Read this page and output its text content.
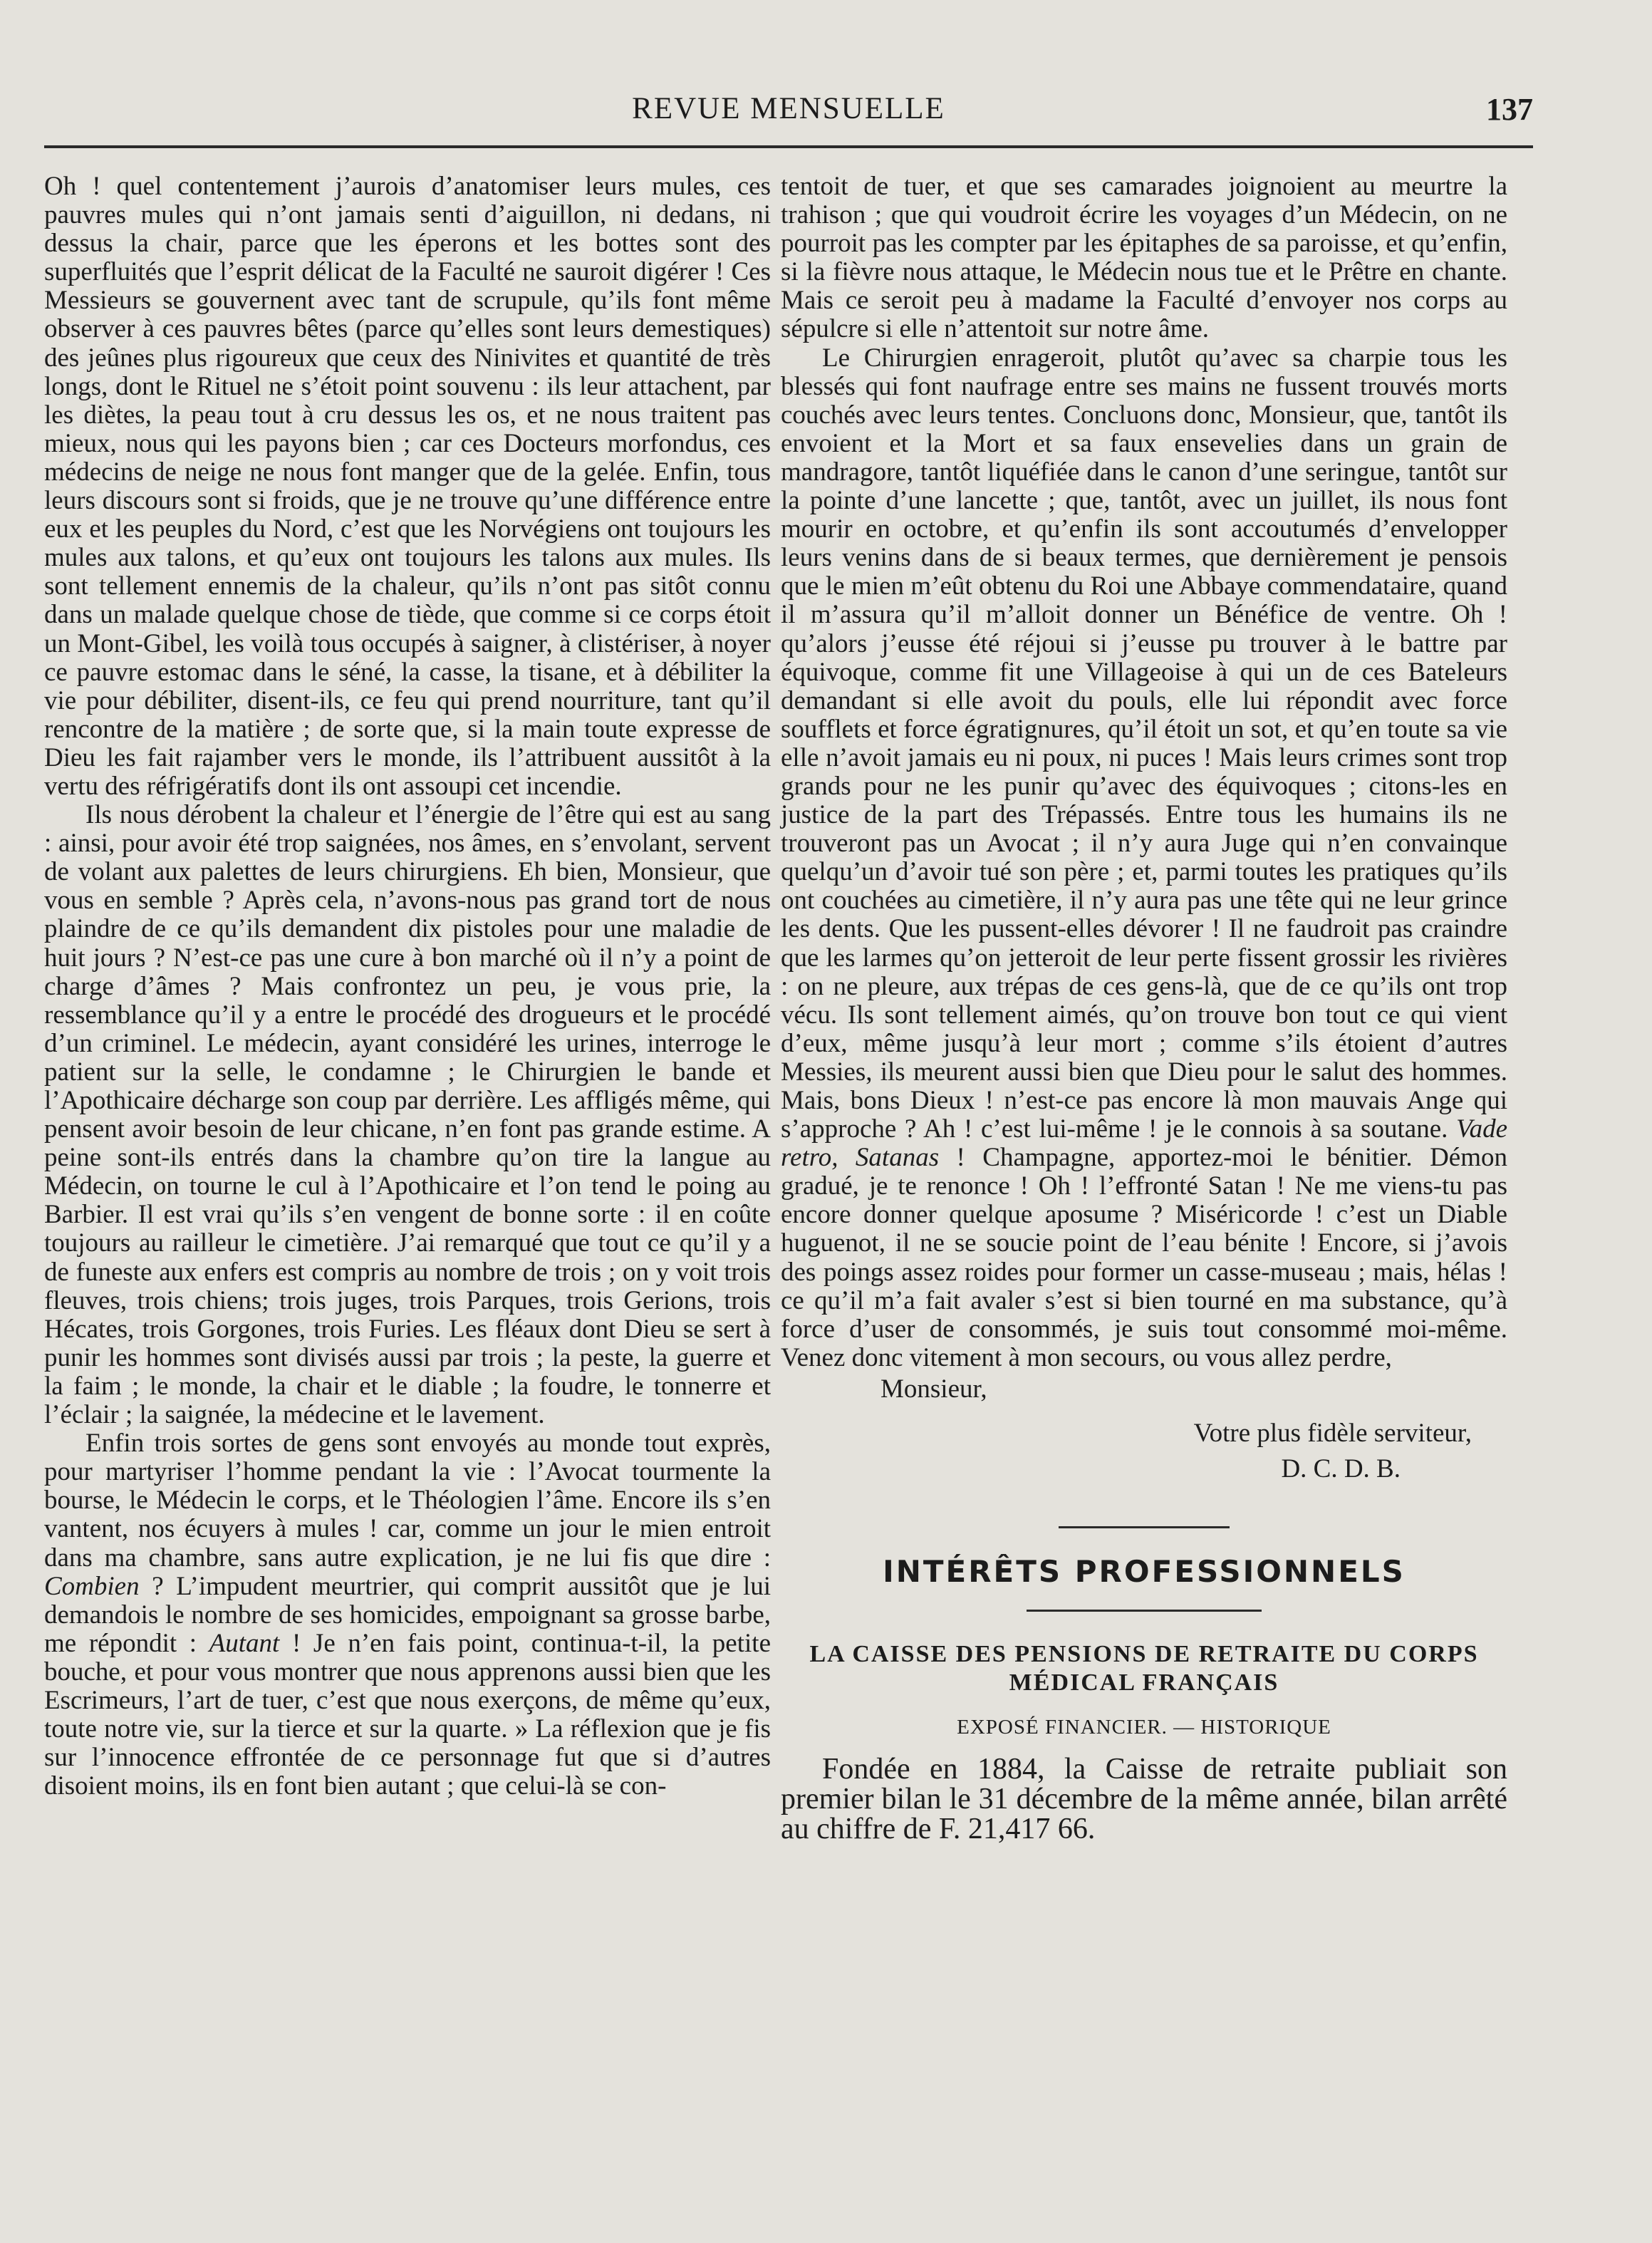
REVUE MENSUELLE	137

Oh ! quel contentement j’aurois d’anatomiser leurs mules, ces pauvres mules qui n’ont jamais senti d’aiguillon, ni dedans, ni dessus la chair, parce que les éperons et les bottes sont des superfluités que l’esprit délicat de la Faculté ne sauroit digérer ! Ces Messieurs se gouvernent avec tant de scrupule, qu’ils font même observer à ces pauvres bêtes (parce qu’elles sont leurs demestiques) des jeûnes plus rigoureux que ceux des Ninivites et quantité de très longs, dont le Rituel ne s’étoit point souvenu : ils leur attachent, par les diètes, la peau tout à cru dessus les os, et ne nous traitent pas mieux, nous qui les payons bien ; car ces Docteurs morfondus, ces médecins de neige ne nous font manger que de la gelée. Enfin, tous leurs discours sont si froids, que je ne trouve qu’une différence entre eux et les peuples du Nord, c’est que les Norvégiens ont toujours les mules aux talons, et qu’eux ont toujours les talons aux mules. Ils sont tellement ennemis de la chaleur, qu’ils n’ont pas sitôt connu dans un malade quelque chose de tiède, que comme si ce corps étoit un Mont-Gibel, les voilà tous occupés à saigner, à clistériser, à noyer ce pauvre estomac dans le séné, la casse, la tisane, et à débiliter la vie pour débiliter, disent-ils, ce feu qui prend nourriture, tant qu’il rencontre de la matière ; de sorte que, si la main toute expresse de Dieu les fait rajamber vers le monde, ils l’attribuent aussitôt à la vertu des réfrigératifs dont ils ont assoupi cet incendie.

Ils nous dérobent la chaleur et l’énergie de l’être qui est au sang : ainsi, pour avoir été trop saignées, nos âmes, en s’envolant, servent de volant aux palettes de leurs chirurgiens. Eh bien, Monsieur, que vous en semble ? Après cela, n’avons-nous pas grand tort de nous plaindre de ce qu’ils demandent dix pistoles pour une maladie de huit jours ? N’est-ce pas une cure à bon marché où il n’y a point de charge d’âmes ? Mais confrontez un peu, je vous prie, la ressemblance qu’il y a entre le procédé des drogueurs et le procédé d’un criminel. Le médecin, ayant considéré les urines, interroge le patient sur la selle, le condamne ; le Chirurgien le bande et l’Apothicaire décharge son coup par derrière. Les affligés même, qui pensent avoir besoin de leur chicane, n’en font pas grande estime. A peine sont-ils entrés dans la chambre qu’on tire la langue au Médecin, on tourne le cul à l’Apothicaire et l’on tend le poing au Barbier. Il est vrai qu’ils s’en vengent de bonne sorte : il en coûte toujours au railleur le cimetière. J’ai remarqué que tout ce qu’il y a de funeste aux enfers est compris au nombre de trois ; on y voit trois fleuves, trois chiens; trois juges, trois Parques, trois Gerions, trois Hécates, trois Gorgones, trois Furies. Les fléaux dont Dieu se sert à punir les hommes sont divisés aussi par trois ; la peste, la guerre et la faim ; le monde, la chair et le diable ; la foudre, le tonnerre et l’éclair ; la saignée, la médecine et le lavement.

Enfin trois sortes de gens sont envoyés au monde tout exprès, pour martyriser l’homme pendant la vie : l’Avocat tourmente la bourse, le Médecin le corps, et le Théologien l’âme. Encore ils s’en vantent, nos écuyers à mules ! car, comme un jour le mien entroit dans ma chambre, sans autre explication, je ne lui fis que dire : Combien ? L’impudent meurtrier, qui comprit aussitôt que je lui demandois le nombre de ses homicides, empoignant sa grosse barbe, me répondit : Autant ! Je n’en fais point, continua-t-il, la petite bouche, et pour vous montrer que nous apprenons aussi bien que les Escrimeurs, l’art de tuer, c’est que nous exerçons, de même qu’eux, toute notre vie, sur la tierce et sur la quarte. » La réflexion que je fis sur l’innocence effrontée de ce personnage fut que si d’autres disoient moins, ils en font bien autant ; que celui-là se con-

tentoit de tuer, et que ses camarades joignoient au meurtre la trahison ; que qui voudroit écrire les voyages d’un Médecin, on ne pourroit pas les compter par les épitaphes de sa paroisse, et qu’enfin, si la fièvre nous attaque, le Médecin nous tue et le Prêtre en chante. Mais ce seroit peu à madame la Faculté d’envoyer nos corps au sépulcre si elle n’attentoit sur notre âme.

Le Chirurgien enrageroit, plutôt qu’avec sa charpie tous les blessés qui font naufrage entre ses mains ne fussent trouvés morts couchés avec leurs tentes. Concluons donc, Monsieur, que, tantôt ils envoient et la Mort et sa faux ensevelies dans un grain de mandragore, tantôt liquéfiée dans le canon d’une seringue, tantôt sur la pointe d’une lancette ; que, tantôt, avec un juillet, ils nous font mourir en octobre, et qu’enfin ils sont accoutumés d’envelopper leurs venins dans de si beaux termes, que dernièrement je pensois que le mien m’eût obtenu du Roi une Abbaye commendataire, quand il m’assura qu’il m’alloit donner un Bénéfice de ventre. Oh ! qu’alors j’eusse été réjoui si j’eusse pu trouver à le battre par équivoque, comme fit une Villageoise à qui un de ces Bateleurs demandant si elle avoit du pouls, elle lui répondit avec force soufflets et force égratignures, qu’il étoit un sot, et qu’en toute sa vie elle n’avoit jamais eu ni poux, ni puces ! Mais leurs crimes sont trop grands pour ne les punir qu’avec des équivoques ; citons-les en justice de la part des Trépassés. Entre tous les humains ils ne trouveront pas un Avocat ; il n’y aura Juge qui n’en convainque quelqu’un d’avoir tué son père ; et, parmi toutes les pratiques qu’ils ont couchées au cimetière, il n’y aura pas une tête qui ne leur grince les dents. Que les pussent-elles dévorer ! Il ne faudroit pas craindre que les larmes qu’on jetteroit de leur perte fissent grossir les rivières : on ne pleure, aux trépas de ces gens-là, que de ce qu’ils ont trop vécu. Ils sont tellement aimés, qu’on trouve bon tout ce qui vient d’eux, même jusqu’à leur mort ; comme s’ils étoient d’autres Messies, ils meurent aussi bien que Dieu pour le salut des hommes. Mais, bons Dieux ! n’est-ce pas encore là mon mauvais Ange qui s’approche ? Ah ! c’est lui-même ! je le connois à sa soutane. Vade retro, Satanas ! Champagne, apportez-moi le bénitier. Démon gradué, je te renonce ! Oh ! l’effronté Satan ! Ne me viens-tu pas encore donner quelque aposume ? Miséricorde ! c’est un Diable huguenot, il ne se soucie point de l’eau bénite ! Encore, si j’avois des poings assez roides pour former un casse-museau ; mais, hélas ! ce qu’il m’a fait avaler s’est si bien tourné en ma substance, qu’à force d’user de consommés, je suis tout consommé moi-même. Venez donc vitement à mon secours, ou vous allez perdre,

Monsieur,

Votre plus fidèle serviteur,

D. C. D. B.

INTÉRÊTS PROFESSIONNELS
LA CAISSE DES PENSIONS DE RETRAITE DU CORPS MÉDICAL FRANÇAIS
EXPOSÉ FINANCIER. — HISTORIQUE

Fondée en 1884, la Caisse de retraite publiait son premier bilan le 31 décembre de la même année, bilan arrêté au chiffre de F. 21,417 66.
